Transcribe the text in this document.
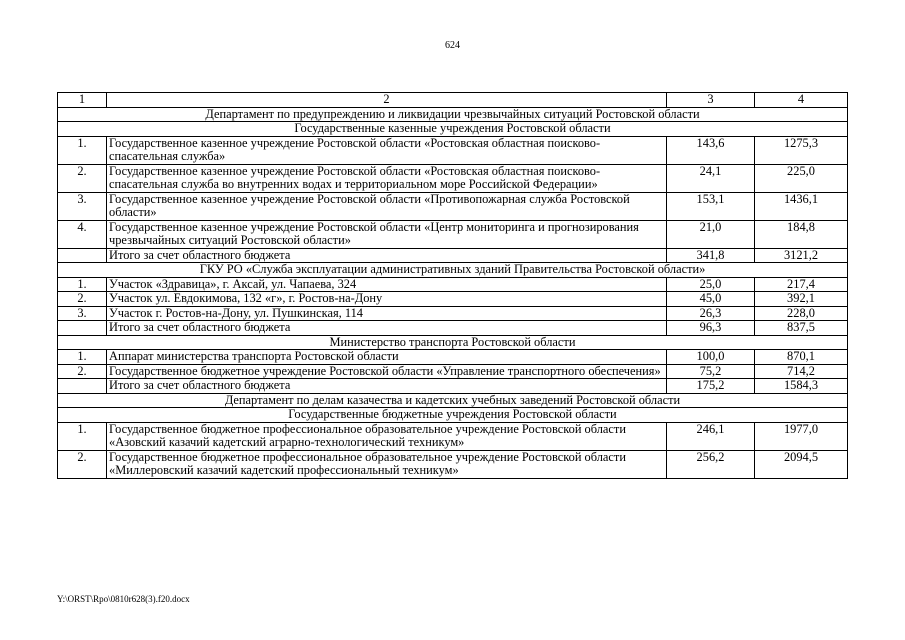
624
1	2	3	4
Департамент по предупреждению и ликвидации чрезвычайных ситуаций Ростовской области			
Государственные казенные учреждения Ростовской области			
1.	Государственное казенное учреждение Ростовской области «Ростовская областная поисково-спасательная служба»	143,6	1275,3
2.	Государственное казенное учреждение Ростовской области «Ростовская областная поисково-спасательная служба во внутренних водах и территориальном море Российской Федерации»	24,1	225,0
3.	Государственное казенное учреждение Ростовской области «Противопожарная служба Ростовской области»	153,1	1436,1
4.	Государственное казенное учреждение Ростовской области «Центр мониторинга и прогнозирования чрезвычайных ситуаций Ростовской области»	21,0	184,8
	Итого за счет областного бюджета	341,8	3121,2
ГКУ РО «Служба эксплуатации административных зданий Правительства Ростовской области»			
1.	Участок «Здравица», г. Аксай, ул. Чапаева, 324	25,0	217,4
2.	Участок ул. Евдокимова, 132 «г», г. Ростов-на-Дону	45,0	392,1
3.	Участок г. Ростов-на-Дону, ул. Пушкинская, 114	26,3	228,0
	Итого за счет областного бюджета	96,3	837,5
Министерство транспорта Ростовской области			
1.	Аппарат министерства транспорта Ростовской области	100,0	870,1
2.	Государственное бюджетное учреждение Ростовской области «Управление транспортного обеспечения»	75,2	714,2
	Итого за счет областного бюджета	175,2	1584,3
Департамент по делам казачества и кадетских учебных заведений Ростовской области			
Государственные бюджетные учреждения Ростовской области			
1.	Государственное бюджетное профессиональное образовательное учреждение Ростовской области «Азовский казачий кадетский аграрно-технологический техникум»	246,1	1977,0
2.	Государственное бюджетное профессиональное образовательное учреждение Ростовской области «Миллеровский казачий кадетский профессиональный техникум»	256,2	2094,5
Y:\ORST\Rpo\0810r628(3).f20.docx
